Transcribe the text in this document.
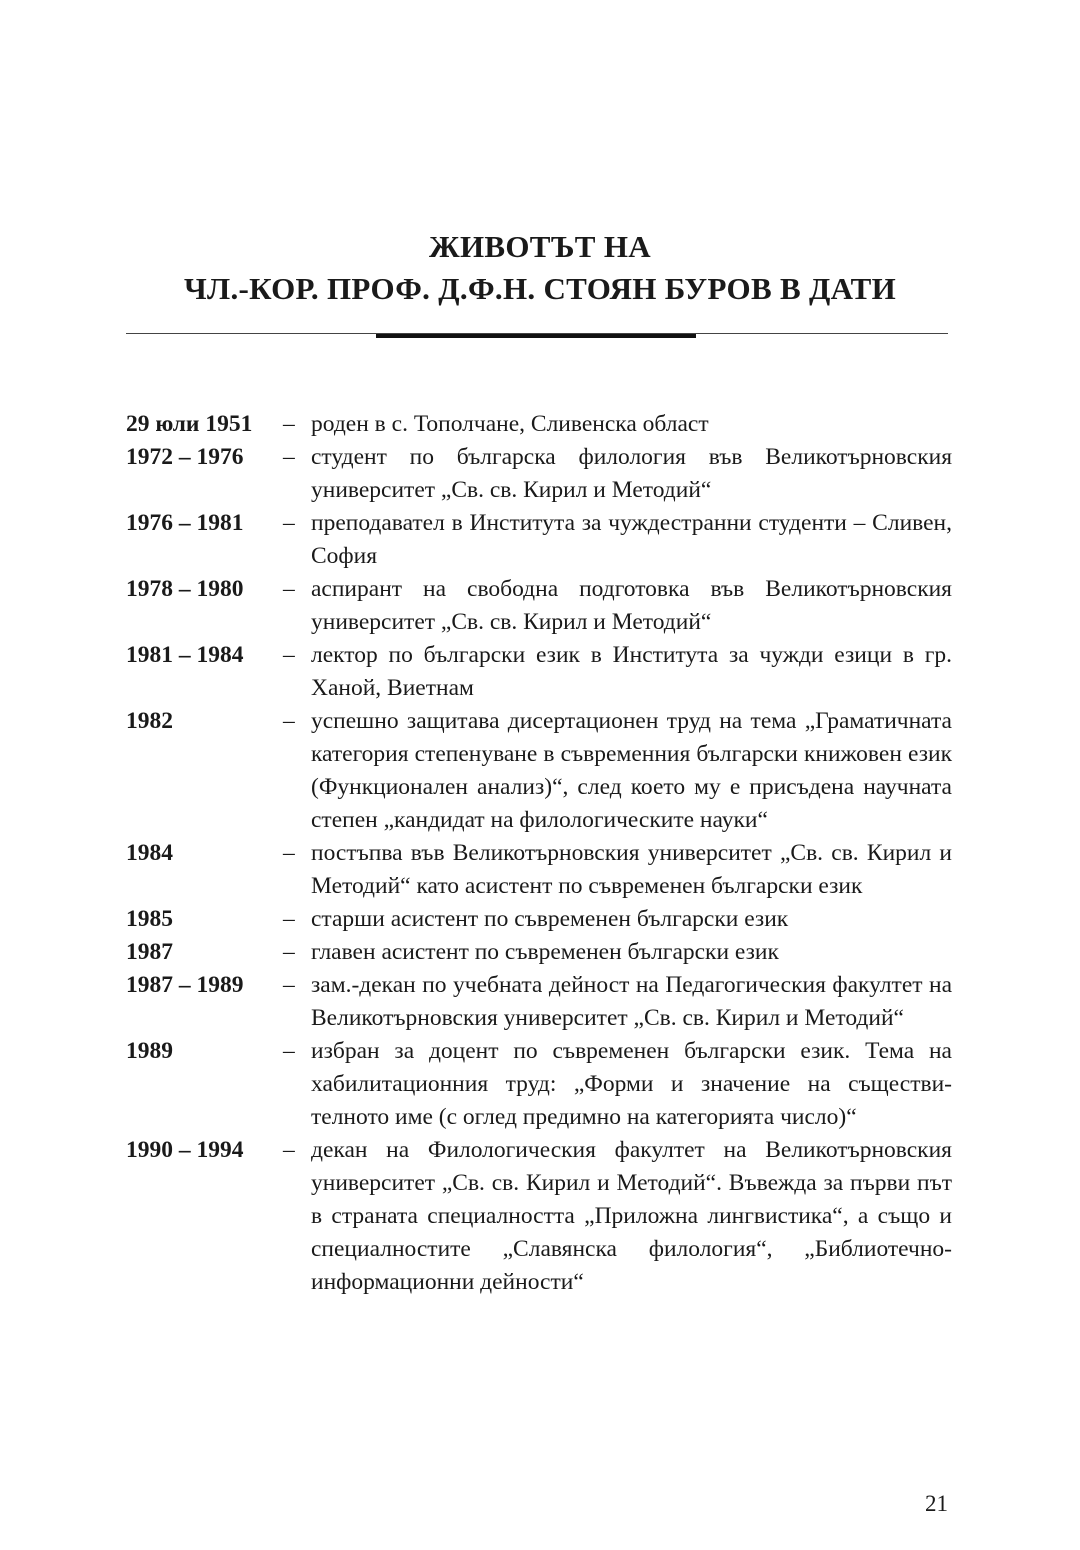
ЖИВОТЪТ НА
ЧЛ.-КОР. ПРОФ. Д.Ф.Н. СТОЯН БУРОВ В ДАТИ
29 юли 1951	– роден в с. Тополчане, Сливенска област
1972 – 1976	– студент по българска филология във Великотърновския университет „Св. св. Кирил и Методий“
1976 – 1981	– преподавател в Института за чуждестранни студенти – Сливен, София
1978 – 1980	– аспирант на свободна подготовка във Великотърновския университет „Св. св. Кирил и Методий“
1981 – 1984	– лектор по български език в Института за чужди езици в гр. Ханой, Виетнам
1982	– успешно защитава дисертационен труд на тема „Граматичната категория степенуване в съвременния български книжовен език (Функционален анализ)“, след което му е присъдена научната степен „кандидат на филологическите науки“
1984	– постъпва във Великотърновския университет „Св. св. Кирил и Методий“ като асистент по съвременен български език
1985	– старши асистент по съвременен български език
1987	– главен асистент по съвременен български език
1987 – 1989	– зам.-декан по учебната дейност на Педагогическия факултет на Великотърновския университет „Св. св. Кирил и Методий“
1989	– избран за доцент по съвременен български език. Тема на хабилитационния труд: „Форми и значение на съществителното име (с оглед предимно на категорията число)“
1990 – 1994	– декан на Филологическия факултет на Великотърновския университет „Св. св. Кирил и Методий“. Въвежда за първи път в страната специалността „Приложна лингвистика“, а също и специалностите „Славянска филология“, „Библиотечно-информационни дейности“
21
